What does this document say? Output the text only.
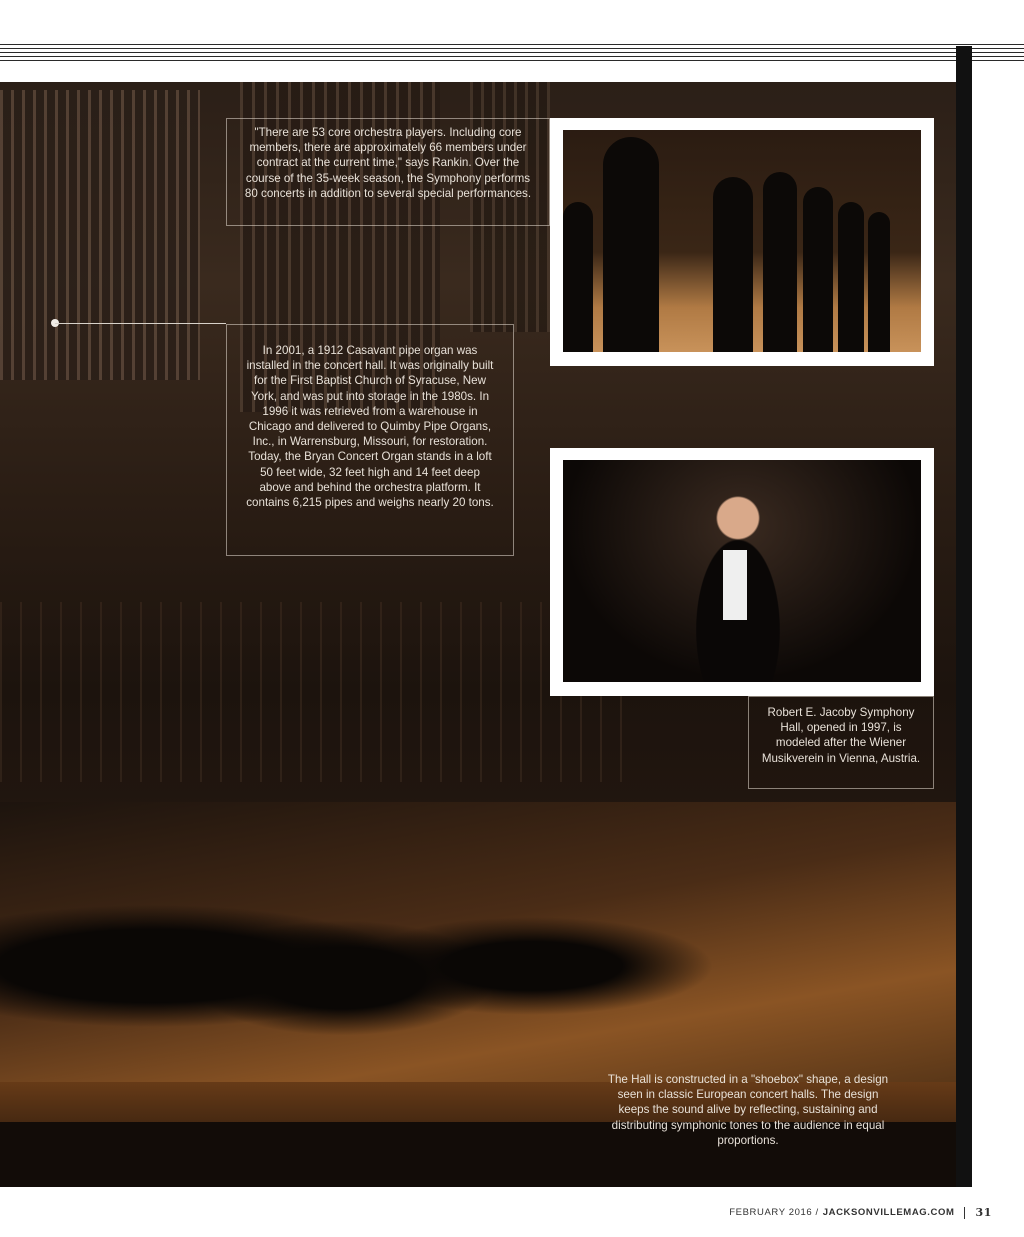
"There are 53 core orchestra players. Including core members, there are approximately 66 members under contract at the current time," says Rankin. Over the course of the 35-week season, the Symphony performs 80 concerts in addition to several special performances.
In 2001, a 1912 Casavant pipe organ was installed in the concert hall. It was originally built for the First Baptist Church of Syracuse, New York, and was put into storage in the 1980s. In 1996 it was retrieved from a warehouse in Chicago and delivered to Quimby Pipe Organs, Inc., in Warrensburg, Missouri, for restoration. Today, the Bryan Concert Organ stands in a loft 50 feet wide, 32 feet high and 14 feet deep above and behind the orchestra platform. It contains 6,215 pipes and weighs nearly 20 tons.
Robert E. Jacoby Symphony Hall, opened in 1997, is modeled after the Wiener Musikverein in Vienna, Austria.
The Hall is constructed in a "shoebox" shape, a design seen in classic European concert halls. The design keeps the sound alive by reflecting, sustaining and distributing symphonic tones to the audience in equal proportions.
FEBRUARY 2016 / JACKSONVILLEMAG.COM 31
